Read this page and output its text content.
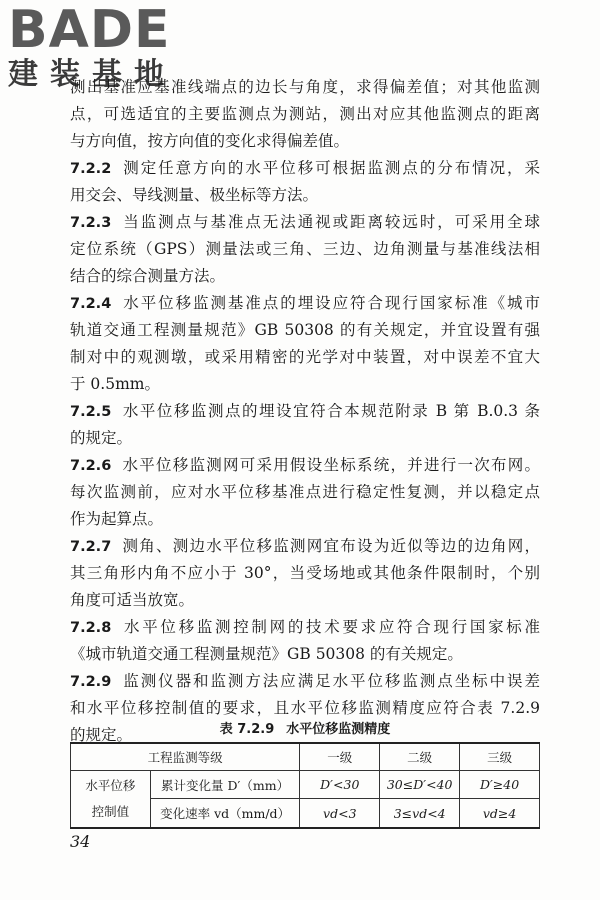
BADE
建装基地
测出基准应基准线端点的边长与角度，求得偏差值；对其他监测
点，可选适宜的主要监测点为测站，测出对应其他监测点的距离
与方向值，按方向值的变化求得偏差值。
7.2.2 测定任意方向的水平位移可根据监测点的分布情况，采
用交会、导线测量、极坐标等方法。
7.2.3 当监测点与基准点无法通视或距离较远时，可采用全球
定位系统（GPS）测量法或三角、三边、边角测量与基准线法相
结合的综合测量方法。
7.2.4 水平位移监测基准点的埋设应符合现行国家标准《城市
轨道交通工程测量规范》GB 50308 的有关规定，并宜设置有强
制对中的观测墩，或采用精密的光学对中装置，对中误差不宜大
于 0.5mm。
7.2.5 水平位移监测点的埋设宜符合本规范附录 B 第 B.0.3 条
的规定。
7.2.6 水平位移监测网可采用假设坐标系统，并进行一次布网。
每次监测前，应对水平位移基准点进行稳定性复测，并以稳定点
作为起算点。
7.2.7 测角、测边水平位移监测网宜布设为近似等边的边角网，
其三角形内角不应小于 30°，当受场地或其他条件限制时，个别
角度可适当放宽。
7.2.8 水平位移监测控制网的技术要求应符合现行国家标准
《城市轨道交通工程测量规范》GB 50308 的有关规定。
7.2.9 监测仪器和监测方法应满足水平位移监测点坐标中误差
和水平位移控制值的要求，且水平位移监测精度应符合表 7.2.9
的规定。	表 7.2.9 水平位移监测精度
工程监测等级		一级	二级	三级
水平位移控制值	累计变化量 D′（mm）	D′<30	30≤D′<40	D′≥40
	变化速率 vd（mm/d）	vd<3	3≤vd<4	vd≥4
34
